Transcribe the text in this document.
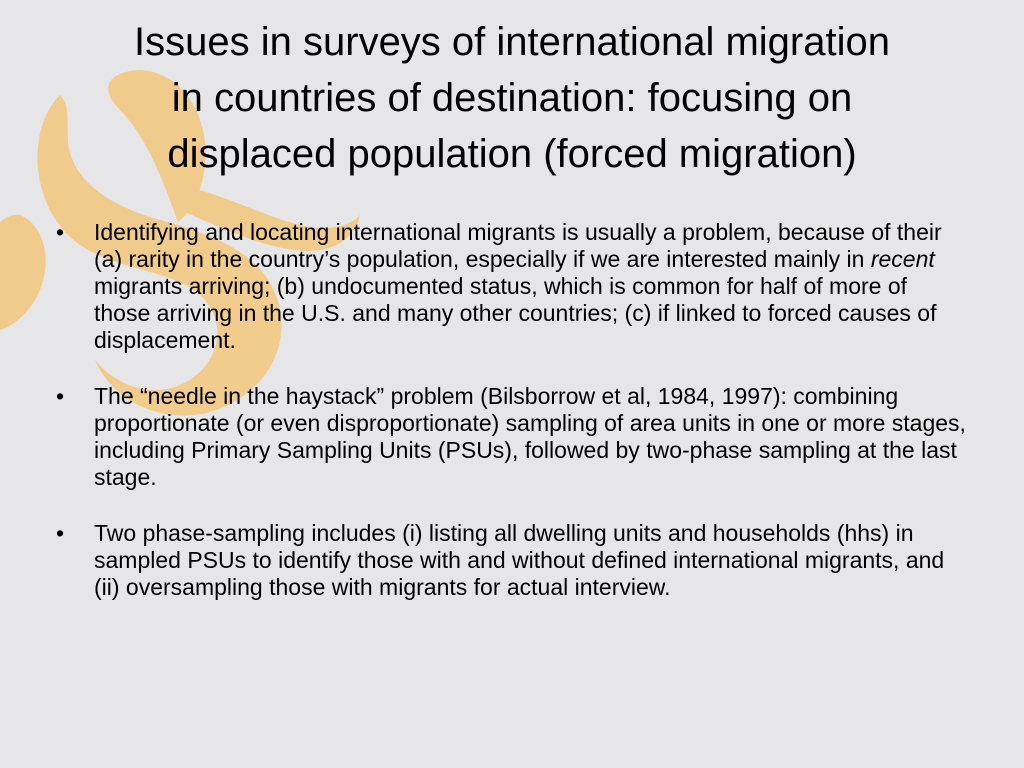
Issues in surveys of international migration
in countries of destination: focusing on
displaced population (forced migration)
• Identifying and locating international migrants is usually a problem, because of their (a) rarity in the country’s population, especially if we are interested mainly in recent migrants arriving; (b) undocumented status, which is common for half of more of those arriving in the U.S. and many other countries; (c) if linked to forced causes of displacement.
• The “needle in the haystack” problem (Bilsborrow et al, 1984, 1997): combining proportionate (or even disproportionate) sampling of area units in one or more stages, including Primary Sampling Units (PSUs), followed by two-phase sampling at the last stage.
• Two phase-sampling includes (i) listing all dwelling units and households (hhs) in sampled PSUs to identify those with and without defined international migrants, and (ii) oversampling those with migrants for actual interview.
